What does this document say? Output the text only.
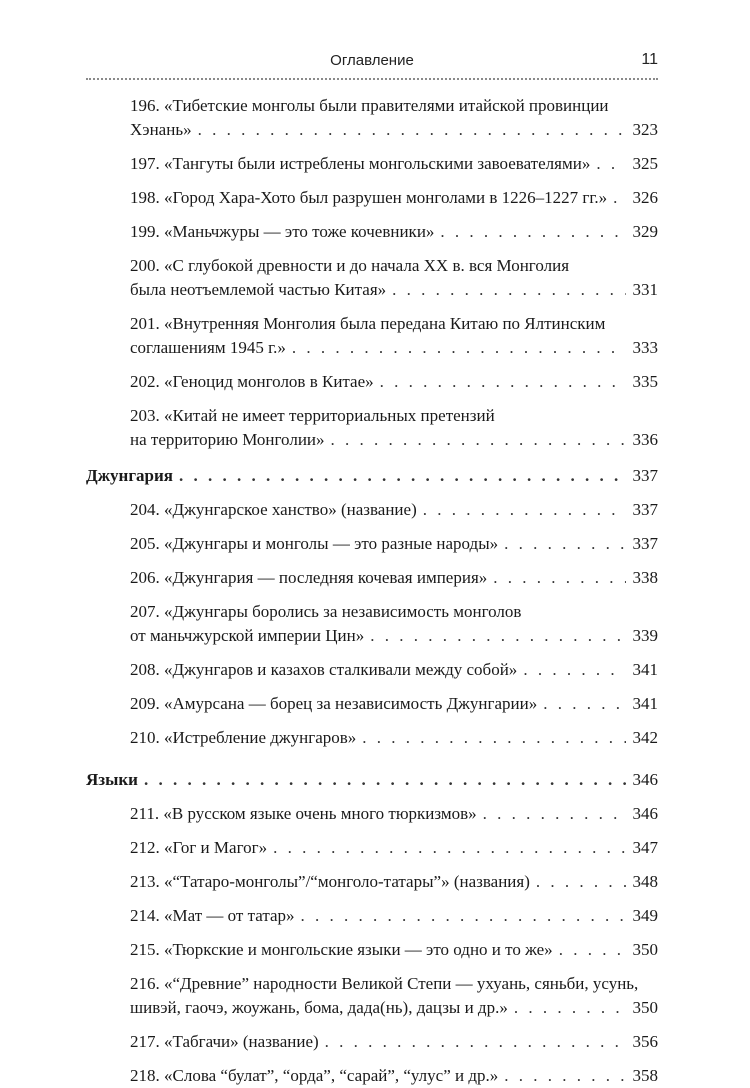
Оглавление	11
196. «Тибетские монголы были правителями итайской провинции
Хэнань» . . .	323
197. «Тангуты были истреблены монгольскими завоевателями» . . . 325
198. «Город Хара-Хото был разрушен монголами в 1226–1227 гг.» . . . 326
199. «Маньчжуры — это тоже кочевники» . . .	329
200. «С глубокой древности и до начала XX в. вся Монголия
была неотъемлемой частью Китая» . . .	331
201. «Внутренняя Монголия была передана Китаю по Ялтинским
соглашениям 1945 г.» . . .	333
202. «Геноцид монголов в Китае» . . .	335
203. «Китай не имеет территориальных претензий
на территорию Монголии» . . .	336
Джунгария . . .	337
204. «Джунгарское ханство» (название) . . .	337
205. «Джунгары и монголы — это разные народы» . . .	337
206. «Джунгария — последняя кочевая империя» . . .	338
207. «Джунгары боролись за независимость монголов
от маньчжурской империи Цин» . . .	339
208. «Джунгаров и казахов сталкивали между собой» . . .	341
209. «Амурсана — борец за независимость Джунгарии» . . .	341
210. «Истребление джунгаров» . . .	342
Языки . . .	346
211. «В русском языке очень много тюркизмов» . . .	346
212. «Гог и Магог» . . .	347
213. «“Татаро-монголы”/“монголо-татары”» (названия) . . .	348
214. «Мат — от татар» . . .	349
215. «Тюркские и монгольские языки — это одно и то же» . . .	350
216. «“Древние” народности Великой Степи — ухуань, сяньби, усунь,
шивэй, гаочэ, жоужань, бома, дада(нь), дацзы и др.» . . .	350
217. «Табгачи» (название) . . .	356
218. «Слова “булат”, “орда”, “сарай”, “улус” и др.» . . .	358
